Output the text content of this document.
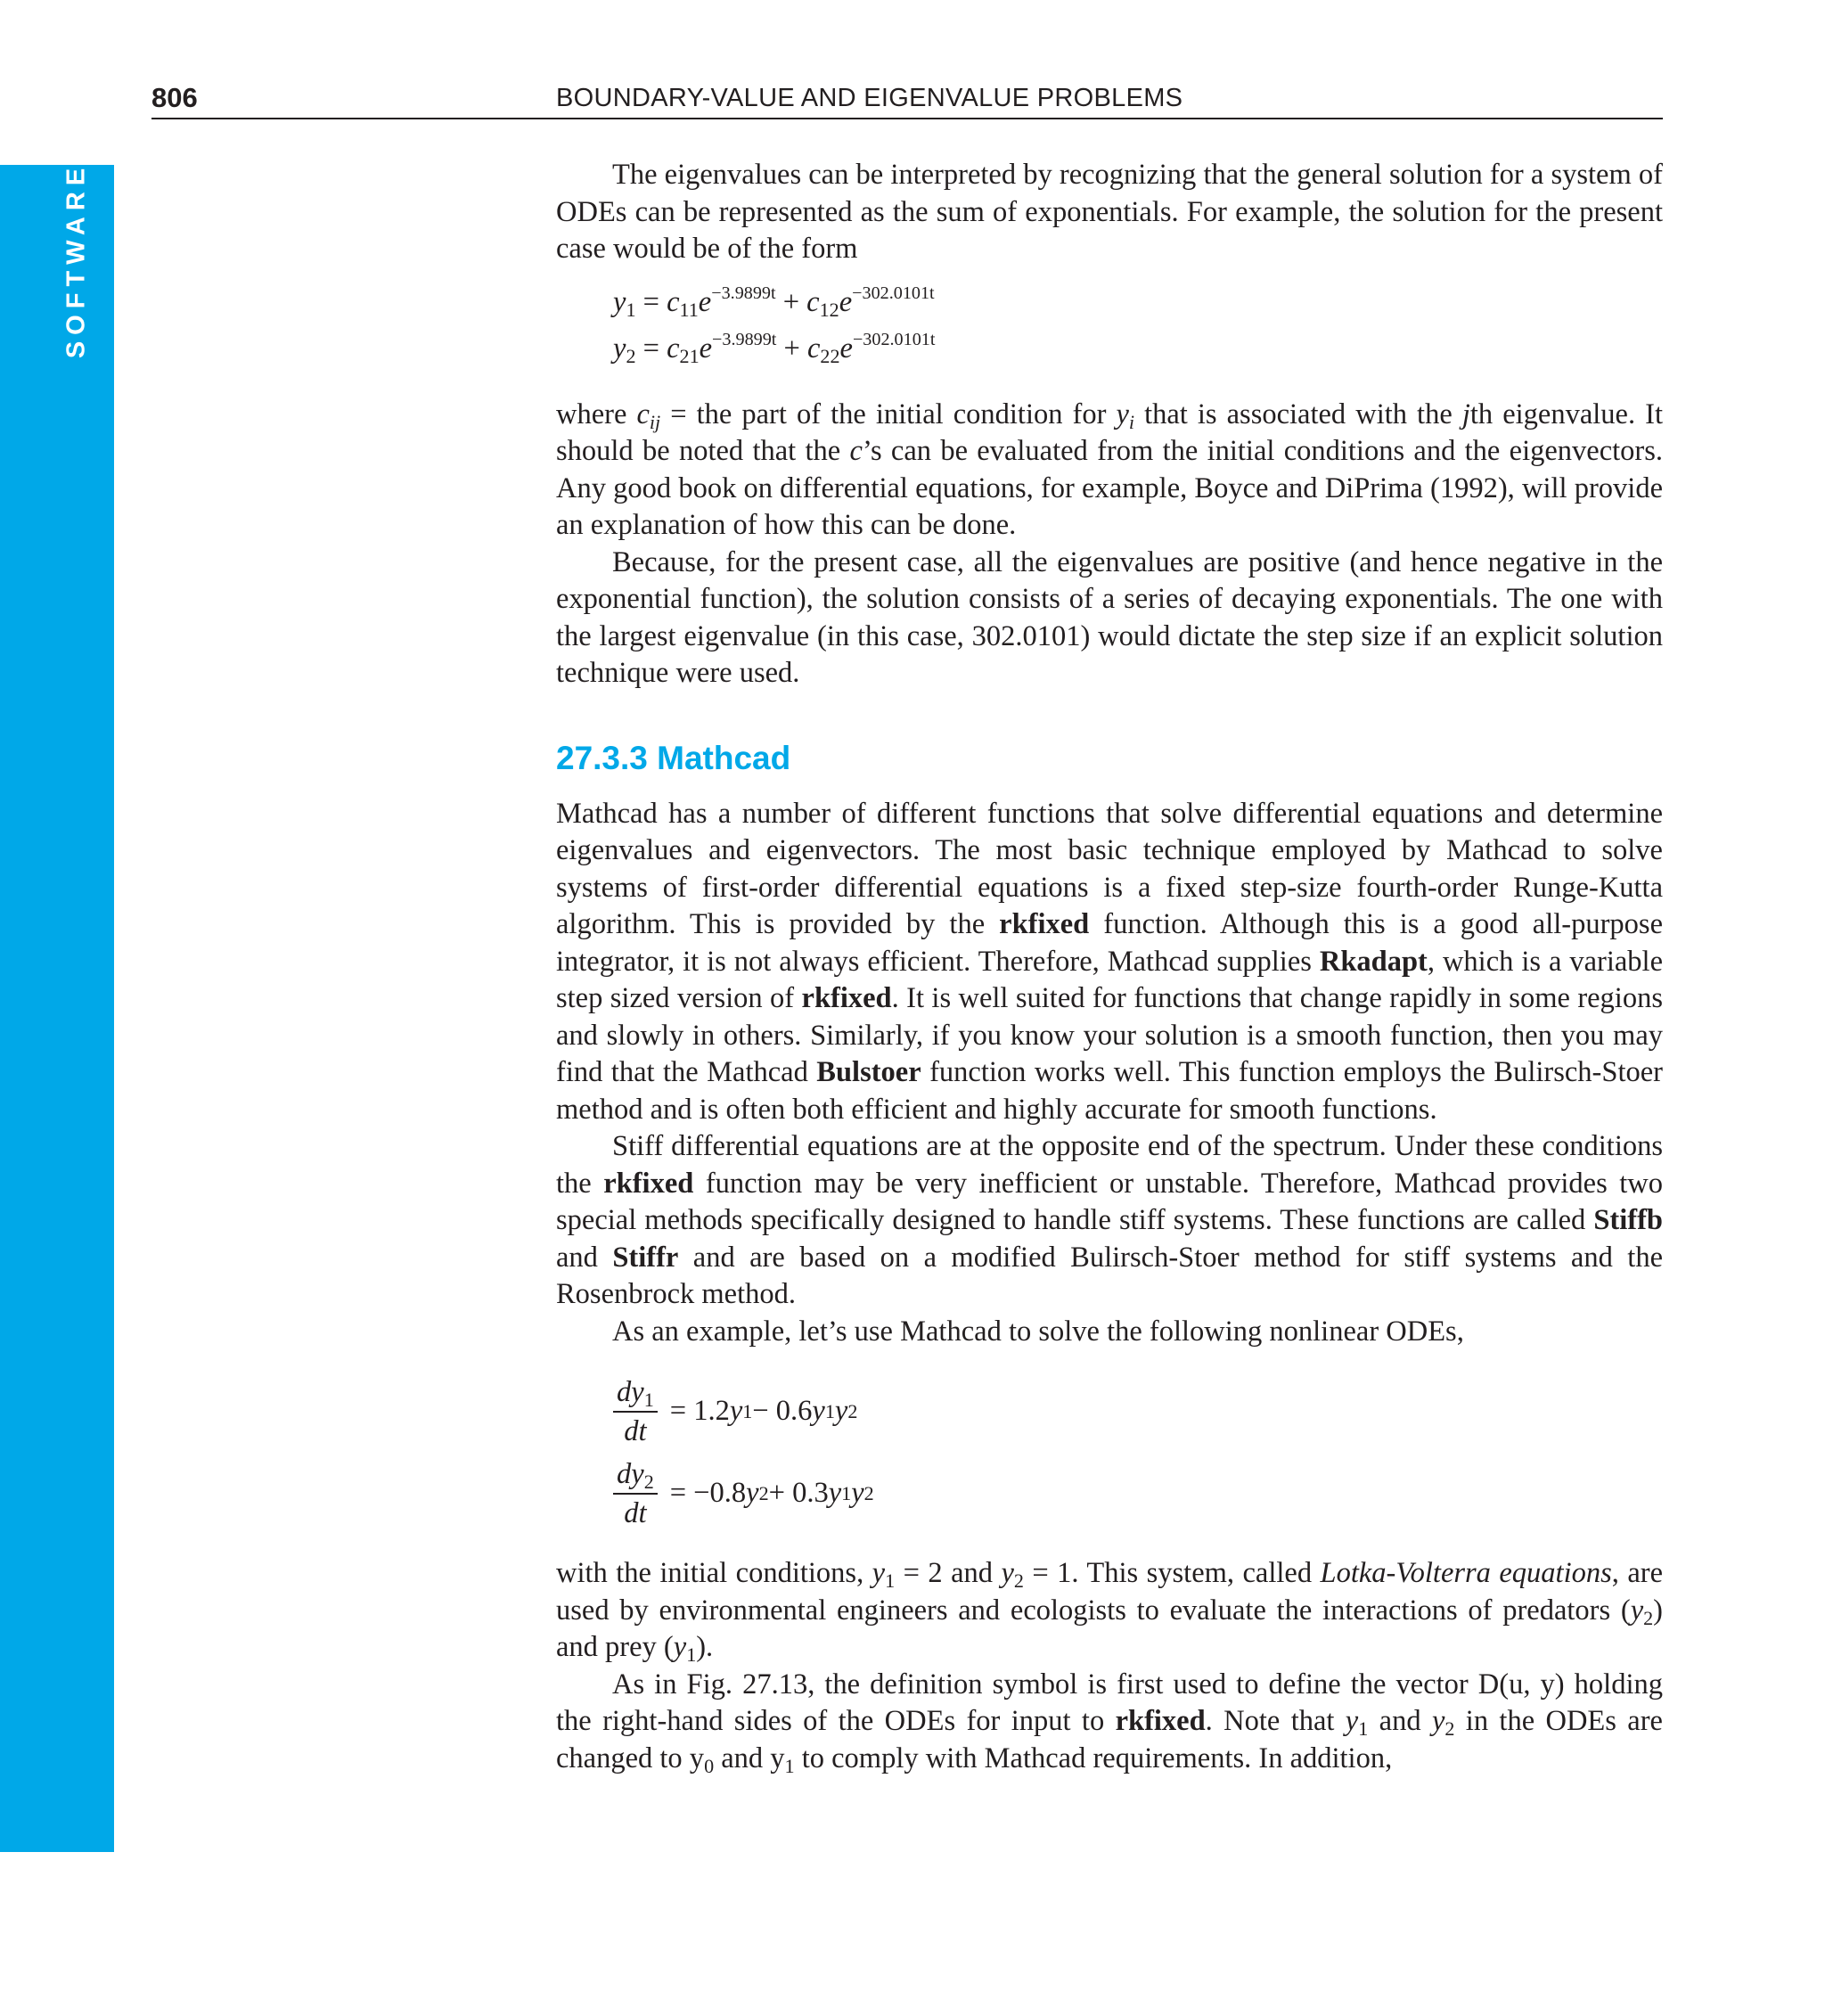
SOFTWARE
806	BOUNDARY-VALUE AND EIGENVALUE PROBLEMS

The eigenvalues can be interpreted by recognizing that the general solution for a system of ODEs can be represented as the sum of exponentials. For example, the solution for the present case would be of the form

$y_1 = c_{11}e^{-3.9899t} + c_{12}e^{-302.0101t}$
$y_2 = c_{21}e^{-3.9899t} + c_{22}e^{-302.0101t}$

where $c_{ij}$ = the part of the initial condition for $y_i$ that is associated with the jth eigenvalue. It should be noted that the c’s can be evaluated from the initial conditions and the eigenvectors. Any good book on differential equations, for example, Boyce and DiPrima (1992), will provide an explanation of how this can be done.

Because, for the present case, all the eigenvalues are positive (and hence negative in the exponential function), the solution consists of a series of decaying exponentials. The one with the largest eigenvalue (in this case, 302.0101) would dictate the step size if an explicit solution technique were used.

27.3.3 Mathcad

Mathcad has a number of different functions that solve differential equations and determine eigenvalues and eigenvectors. The most basic technique employed by Mathcad to solve systems of first-order differential equations is a fixed step-size fourth-order Runge-Kutta algorithm. This is provided by the rkfixed function. Although this is a good all-purpose integrator, it is not always efficient. Therefore, Mathcad supplies Rkadapt, which is a variable step sized version of rkfixed. It is well suited for functions that change rapidly in some regions and slowly in others. Similarly, if you know your solution is a smooth function, then you may find that the Mathcad Bulstoer function works well. This function employs the Bulirsch-Stoer method and is often both efficient and highly accurate for smooth functions.

Stiff differential equations are at the opposite end of the spectrum. Under these conditions the rkfixed function may be very inefficient or unstable. Therefore, Mathcad provides two special methods specifically designed to handle stiff systems. These functions are called Stiffb and Stiffr and are based on a modified Bulirsch-Stoer method for stiff systems and the Rosenbrock method.

As an example, let’s use Mathcad to solve the following nonlinear ODEs,

$\frac{dy_1}{dt} = 1.2$ y 1 − 0.6 y 1 y 2
$\frac{dy_2}{dt} = -0.8$ y 2 + 0.3 y 1 y 2

with the initial conditions, $y_1 = 2$ and $y_2 = 1$. This system, called Lotka-Volterra equations, are used by environmental engineers and ecologists to evaluate the interactions of predators $(y_2)$ and prey $(y_1)$.

As in Fig. 27.13, the definition symbol is first used to define the vector D(u, y) holding the right-hand sides of the ODEs for input to rkfixed. Note that $y_1$ and $y_2$ in the ODEs are changed to $y_0$ and $y_1$ to comply with Mathcad requirements. In addition,
